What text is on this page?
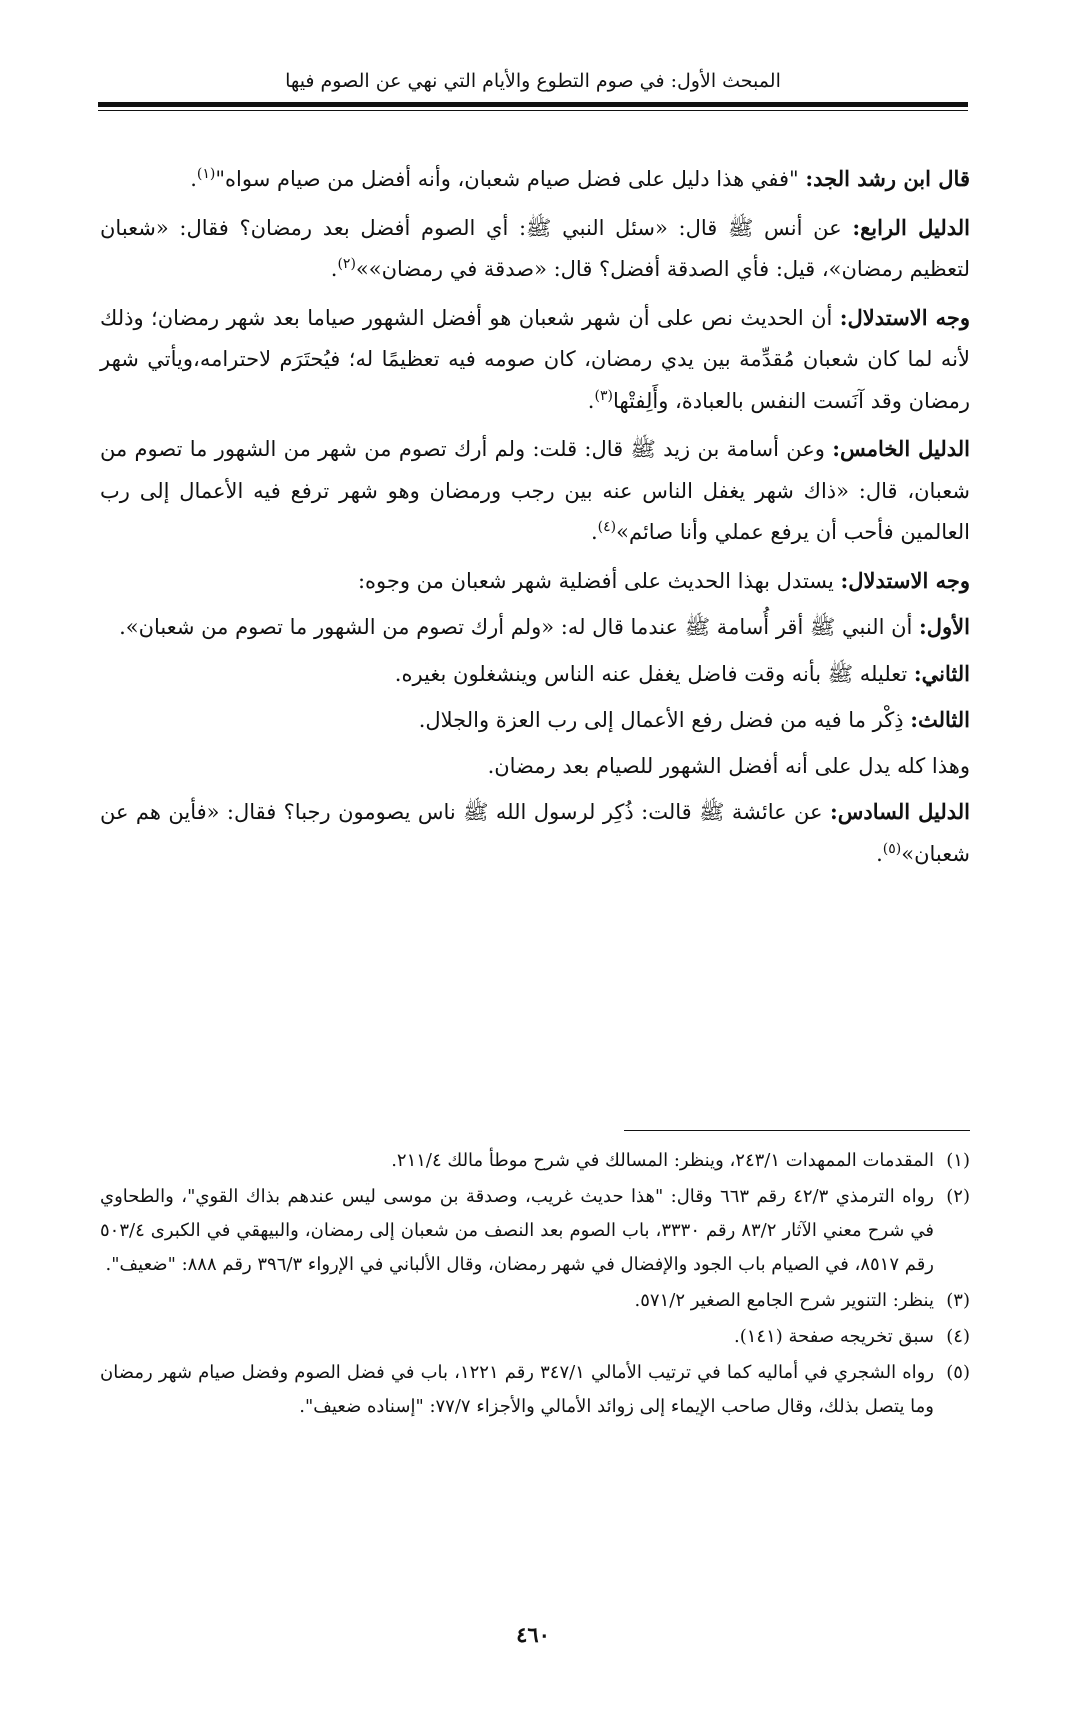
المبحث الأول: في صوم التطوع والأيام التي نهي عن الصوم فيها

قال ابن رشد الجد: "ففي هذا دليل على فضل صيام شعبان، وأنه أفضل من صيام سواه"$^{(١)}$.

الدليل الرابع: عن أنس ﷺ قال: «سئل النبي ﷺ: أي الصوم أفضل بعد رمضان؟ فقال: «شعبان لتعظيم رمضان»، قيل: فأي الصدقة أفضل؟ قال: «صدقة في رمضان»»$^{(٢)}$.

وجه الاستدلال: أن الحديث نص على أن شهر شعبان هو أفضل الشهور صياما بعد شهر رمضان؛ وذلك لأنه لما كان شعبان مُقدِّمة بين يدي رمضان، كان صومه فيه تعظيمًا له؛ فيُحتَرَم لاحترامه،ويأتي شهر رمضان وقد آنَست النفس بالعبادة، وأَلِفتْها$^{(٣)}$.

الدليل الخامس: وعن أسامة بن زيد ﷺ قال: قلت: ولم أرك تصوم من شهر من الشهور ما تصوم من شعبان، قال: «ذاك شهر يغفل الناس عنه بين رجب ورمضان وهو شهر ترفع فيه الأعمال إلى رب العالمين فأحب أن يرفع عملي وأنا صائم»$^{(٤)}$.

وجه الاستدلال: يستدل بهذا الحديث على أفضلية شهر شعبان من وجوه:

الأول: أن النبي ﷺ أقر أُسامة ﷺ عندما قال له: «ولم أرك تصوم من الشهور ما تصوم من شعبان».

الثاني: تعليله ﷺ بأنه وقت فاضل يغفل عنه الناس وينشغلون بغيره.

الثالث: ذِكْر ما فيه من فضل رفع الأعمال إلى رب العزة والجلال.

وهذا كله يدل على أنه أفضل الشهور للصيام بعد رمضان.

الدليل السادس: عن عائشة ﷺ قالت: ذُكِر لرسول الله ﷺ ناس يصومون رجبا؟ فقال: «فأين هم عن شعبان»$^{(٥)}$.

(١)
المقدمات الممهدات ٢٤٣/١، وينظر: المسالك في شرح موطأ مالك ٢١١/٤.

(٢)
رواه الترمذي ٤٢/٣ رقم ٦٦٣ وقال: "هذا حديث غريب، وصدقة بن موسى ليس عندهم بذاك القوي"، والطحاوي في شرح معني الآثار ٨٣/٢ رقم ٣٣٣٠، باب الصوم بعد النصف من شعبان إلى رمضان، والبيهقي في الكبرى ٥٠٣/٤ رقم ٨٥١٧، في الصيام باب الجود والإفضال في شهر رمضان، وقال الألباني في الإرواء ٣٩٦/٣ رقم ٨٨٨: "ضعيف".

(٣)
ينظر: التنوير شرح الجامع الصغير ٥٧١/٢.

(٤)
سبق تخريجه صفحة (١٤١).

(٥)
رواه الشجري في أماليه كما في ترتيب الأمالي ٣٤٧/١ رقم ١٢٢١، باب في فضل الصوم وفضل صيام شهر رمضان وما يتصل بذلك، وقال صاحب الإيماء إلى زوائد الأمالي والأجزاء ٧٧/٧: "إسناده ضعيف".

٤٦٠
